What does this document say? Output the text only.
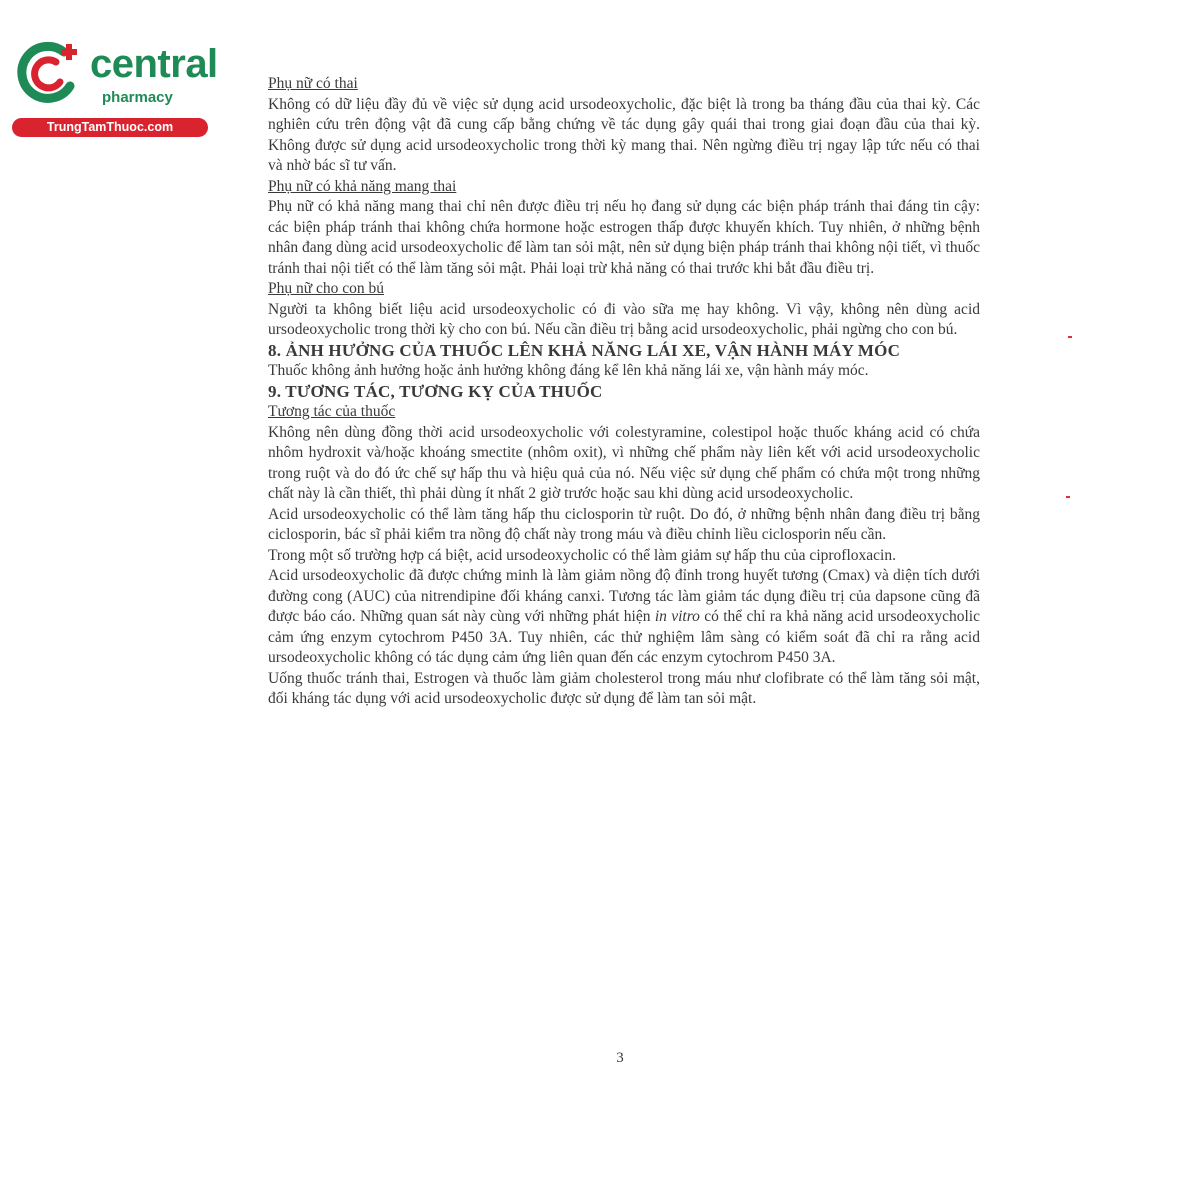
central
pharmacy
TrungTamThuoc.com

Phụ nữ có thai

Không có dữ liệu đầy đủ về việc sử dụng acid ursodeoxycholic, đặc biệt là trong ba tháng đầu của thai kỳ. Các nghiên cứu trên động vật đã cung cấp bằng chứng về tác dụng gây quái thai trong giai đoạn đầu của thai kỳ. Không được sử dụng acid ursodeoxycholic trong thời kỳ mang thai. Nên ngừng điều trị ngay lập tức nếu có thai và nhờ bác sĩ tư vấn.

Phụ nữ có khả năng mang thai

Phụ nữ có khả năng mang thai chỉ nên được điều trị nếu họ đang sử dụng các biện pháp tránh thai đáng tin cậy: các biện pháp tránh thai không chứa hormone hoặc estrogen thấp được khuyến khích. Tuy nhiên, ở những bệnh nhân đang dùng acid ursodeoxycholic để làm tan sỏi mật, nên sử dụng biện pháp tránh thai không nội tiết, vì thuốc tránh thai nội tiết có thể làm tăng sỏi mật. Phải loại trừ khả năng có thai trước khi bắt đầu điều trị.

Phụ nữ cho con bú

Người ta không biết liệu acid ursodeoxycholic có đi vào sữa mẹ hay không. Vì vậy, không nên dùng acid ursodeoxycholic trong thời kỳ cho con bú. Nếu cần điều trị bằng acid ursodeoxycholic, phải ngừng cho con bú.

8. ẢNH HƯỞNG CỦA THUỐC LÊN KHẢ NĂNG LÁI XE, VẬN HÀNH MÁY MÓC

Thuốc không ảnh hưởng hoặc ảnh hưởng không đáng kể lên khả năng lái xe, vận hành máy móc.

9. TƯƠNG TÁC, TƯƠNG KỴ CỦA THUỐC

Tương tác của thuốc

Không nên dùng đồng thời acid ursodeoxycholic với colestyramine, colestipol hoặc thuốc kháng acid có chứa nhôm hydroxit và/hoặc khoáng smectite (nhôm oxit), vì những chế phẩm này liên kết với acid ursodeoxycholic trong ruột và do đó ức chế sự hấp thu và hiệu quả của nó. Nếu việc sử dụng chế phẩm có chứa một trong những chất này là cần thiết, thì phải dùng ít nhất 2 giờ trước hoặc sau khi dùng acid ursodeoxycholic.

Acid ursodeoxycholic có thể làm tăng hấp thu ciclosporin từ ruột. Do đó, ở những bệnh nhân đang điều trị bằng ciclosporin, bác sĩ phải kiểm tra nồng độ chất này trong máu và điều chỉnh liều ciclosporin nếu cần.

Trong một số trường hợp cá biệt, acid ursodeoxycholic có thể làm giảm sự hấp thu của ciprofloxacin.

Acid ursodeoxycholic đã được chứng minh là làm giảm nồng độ đỉnh trong huyết tương (Cmax) và diện tích dưới đường cong (AUC) của nitrendipine đối kháng canxi. Tương tác làm giảm tác dụng điều trị của dapsone cũng đã được báo cáo. Những quan sát này cùng với những phát hiện in vitro có thể chỉ ra khả năng acid ursodeoxycholic cảm ứng enzym cytochrom P450 3A. Tuy nhiên, các thử nghiệm lâm sàng có kiểm soát đã chỉ ra rằng acid ursodeoxycholic không có tác dụng cảm ứng liên quan đến các enzym cytochrom P450 3A.

Uống thuốc tránh thai, Estrogen và thuốc làm giảm cholesterol trong máu như clofibrate có thể làm tăng sỏi mật, đối kháng tác dụng với acid ursodeoxycholic được sử dụng để làm tan sỏi mật.

3
